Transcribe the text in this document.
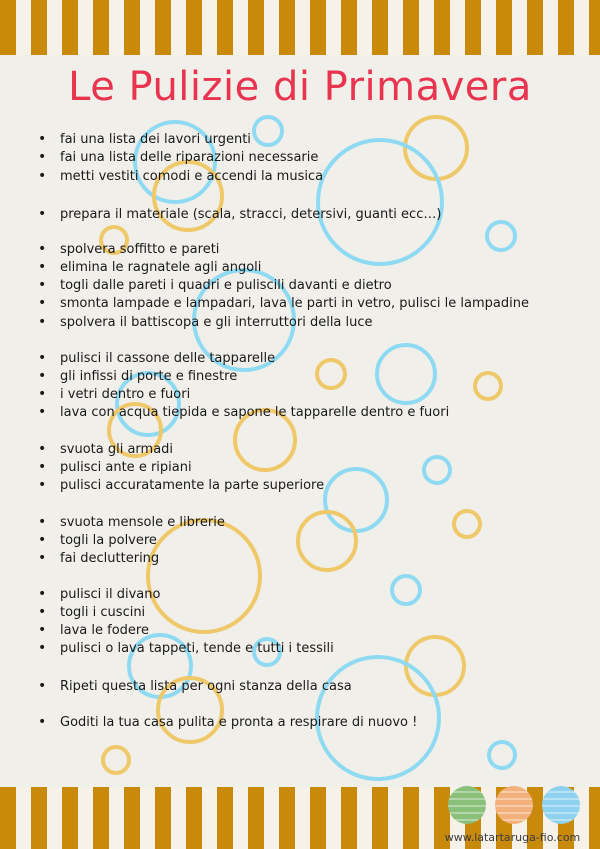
Le Pulizie di Primavera
• fai una lista dei lavori urgenti
• fai una lista delle riparazioni necessarie
• metti vestiti comodi e accendi la musica
• prepara il materiale (scala, stracci, detersivi, guanti ecc…)
• spolvera soffitto e pareti
• elimina le ragnatele agli angoli
• togli dalle pareti i quadri e puliscili davanti e dietro
• smonta lampade e lampadari, lava le parti in vetro, pulisci le lampadine
• spolvera il battiscopa e gli interruttori della luce
• pulisci il cassone delle tapparelle
• gli infissi di porte e finestre
• i vetri dentro e fuori
• lava con acqua tiepida e sapone le tapparelle dentro e fuori
• svuota gli armadi
• pulisci ante e ripiani
• pulisci accuratamente la parte superiore
• svuota mensole e librerie
• togli la polvere
• fai decluttering
• pulisci il divano
• togli i cuscini
• lava le fodere
• pulisci o lava tappeti, tende e tutti i tessili
• Ripeti questa lista per ogni stanza della casa
• Goditi la tua casa pulita e pronta a respirare di nuovo !
www.latartaruga-fio.com
